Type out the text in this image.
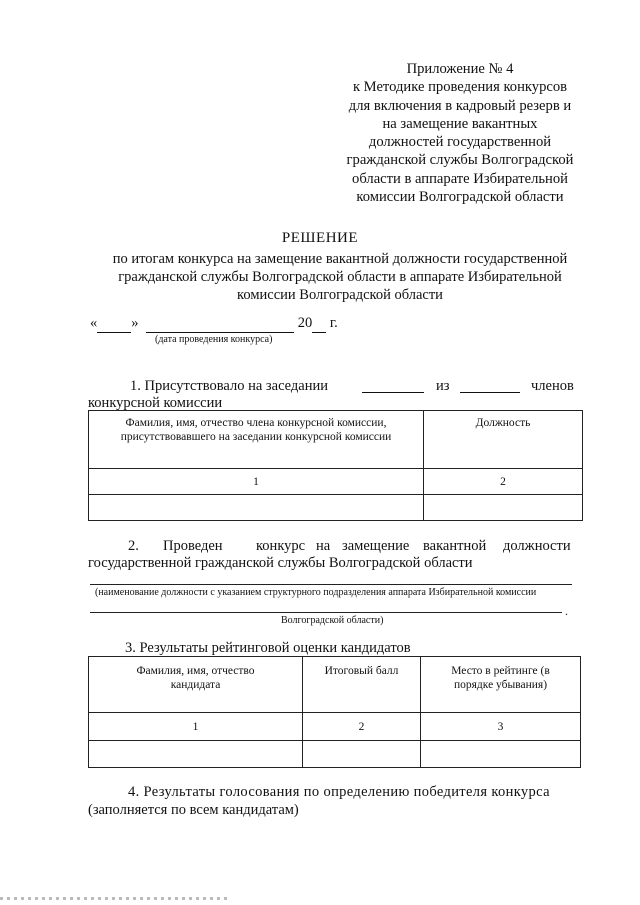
Приложение № 4
к Методике проведения конкурсов
для включения в кадровый резерв и
на замещение вакантных
должностей государственной
гражданской службы Волгоградской
области в аппарате Избирательной
комиссии Волгоградской области
РЕШЕНИЕ
по итогам конкурса на замещение вакантной должности государственной
гражданской службы Волгоградской области в аппарате Избирательной
комиссии Волгоградской области
« »	20  г.
(дата проведения конкурса)
1. Присутствовало на заседании	из	членов
конкурсной комиссии
Фамилия, имя, отчество члена конкурсной комиссии, присутствовавшего на заседании конкурсной комиссии	Должность
1	2

2. Проведен конкурс на замещение вакантной должности
государственной гражданской службы Волгоградской области
(наименование должности с указанием структурного подразделения аппарата Избирательной комиссии
.
Волгоградской области)
3. Результаты рейтинговой оценки кандидатов
Фамилия, имя, отчество кандидата	Итоговый балл	Место в рейтинге (в порядке убывания)
1	2	3

4. Результаты голосования по определению победителя конкурса
(заполняется по всем кандидатам)
